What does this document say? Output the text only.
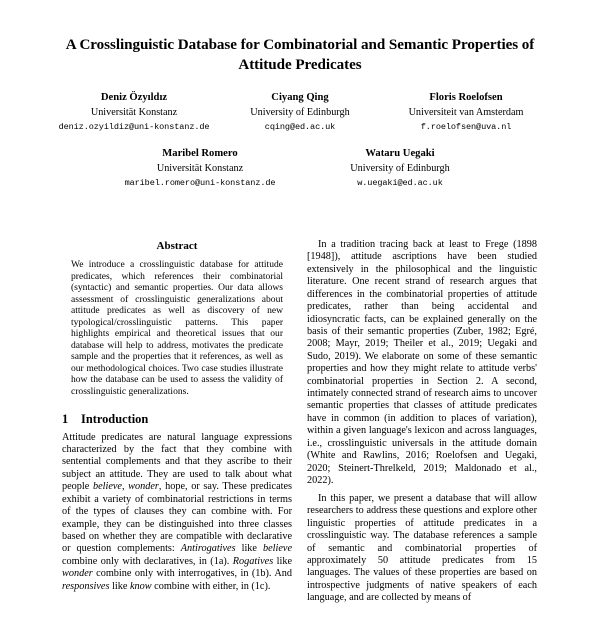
A Crosslinguistic Database for Combinatorial and Semantic Properties of Attitude Predicates
Deniz Özyıldız
Universität Konstanz
deniz.ozyildiz@uni-konstanz.de
Ciyang Qing
University of Edinburgh
cqing@ed.ac.uk
Floris Roelofsen
Universiteit van Amsterdam
f.roelofsen@uva.nl
Maribel Romero
Universität Konstanz
maribel.romero@uni-konstanz.de
Wataru Uegaki
University of Edinburgh
w.uegaki@ed.ac.uk
Abstract

We introduce a crosslinguistic database for attitude predicates, which references their combinatorial (syntactic) and semantic properties. Our data allows assessment of crosslinguistic generalizations about attitude predicates as well as discovery of new typological/crosslinguistic patterns. This paper highlights empirical and theoretical issues that our database will help to address, motivates the predicate sample and the properties that it references, as well as our methodological choices. Two case studies illustrate how the database can be used to assess the validity of crosslinguistic generalizations.

1	Introduction

Attitude predicates are natural language expressions characterized by the fact that they combine with sentential complements and that they ascribe to their subject an attitude. They are used to talk about what people believe, wonder, hope, or say. These predicates exhibit a variety of combinatorial restrictions in terms of the types of clauses they can combine with. For example, they can be distinguished into three classes based on whether they are compatible with declarative or question complements: Antirogatives like believe combine only with declaratives, in (1a). Rogatives like wonder combine only with interrogatives, in (1b). And responsives like know combine with either, in (1c).

In a tradition tracing back at least to Frege (1898 [1948]), attitude ascriptions have been studied extensively in the philosophical and the linguistic literature. One recent strand of research argues that differences in the combinatorial properties of attitude predicates, rather than being accidental and idiosyncratic facts, can be explained generally on the basis of their semantic properties (Zuber, 1982; Egré, 2008; Mayr, 2019; Theiler et al., 2019; Uegaki and Sudo, 2019). We elaborate on some of these semantic properties and how they might relate to attitude verbs' combinatorial properties in Section 2. A second, intimately connected strand of research aims to uncover semantic properties that classes of attitude predicates have in common (in addition to places of variation), within a given language's lexicon and across languages, i.e., crosslinguistic universals in the attitude domain (White and Rawlins, 2016; Roelofsen and Uegaki, 2020; Steinert-Threlkeld, 2019; Maldonado et al., 2022).

In this paper, we present a database that will allow researchers to address these questions and explore other linguistic properties of attitude predicates in a crosslinguistic way. The database references a sample of semantic and combinatorial properties of approximately 50 attitude predicates from 15 languages. The values of these properties are based on introspective judgments of native speakers of each language, and are collected by means of
